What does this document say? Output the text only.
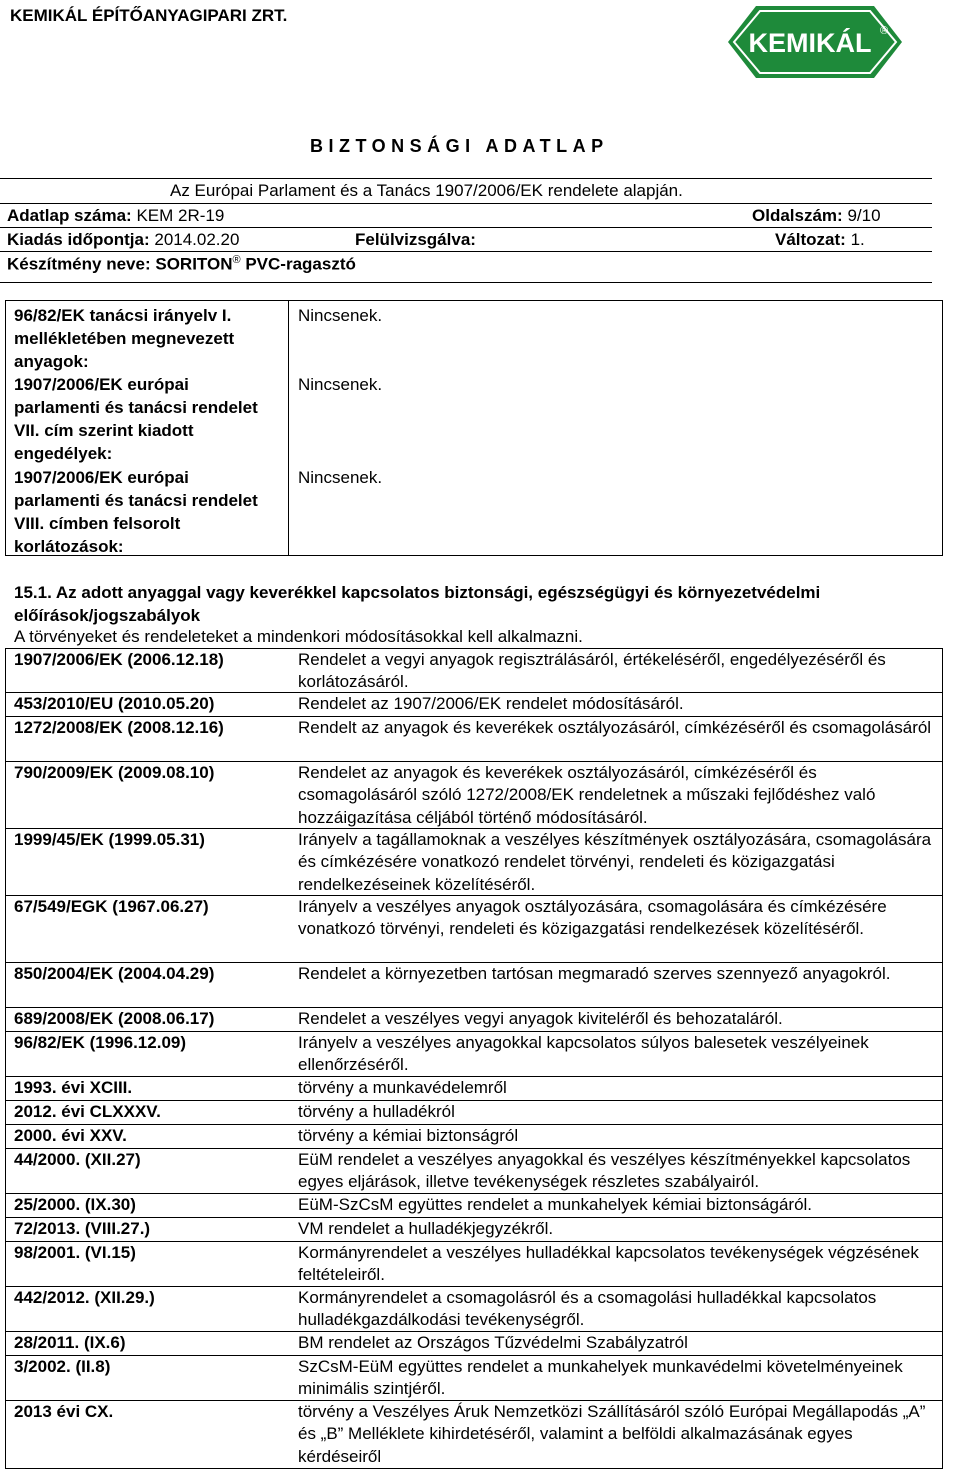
KEMIKÁL ÉPÍTŐANYAGIPARI ZRT.
KEMIKÁL ®
BIZTONSÁGI ADATLAP
Az Európai Parlament és a Tanács 1907/2006/EK rendelete alapján.
Adatlap száma: KEM 2R-19	Oldalszám: 9/10
Kiadás időpontja: 2014.02.20	Felülvizsgálva:	Változat: 1.
Készítmény neve: SORITON® PVC-ragasztó
96/82/EK tanácsi irányelv I. mellékletében megnevezett anyagok:
Nincsenek.
1907/2006/EK európai parlamenti és tanácsi rendelet VII. cím szerint kiadott engedélyek:
Nincsenek.
1907/2006/EK európai parlamenti és tanácsi rendelet VIII. címben felsorolt korlátozások:
Nincsenek.
15.1. Az adott anyaggal vagy keverékkel kapcsolatos biztonsági, egészségügyi és környezetvédelmi előírások/jogszabályok
A törvényeket és rendeleteket a mindenkori módosításokkal kell alkalmazni.
1907/2006/EK (2006.12.18)	Rendelet a vegyi anyagok regisztrálásáról, értékeléséről, engedélyezéséről és korlátozásáról.
453/2010/EU (2010.05.20)	Rendelet az 1907/2006/EK rendelet módosításáról.
1272/2008/EK (2008.12.16)	Rendelt az anyagok és keverékek osztályozásáról, címkézéséről és csomagolásáról
790/2009/EK (2009.08.10)	Rendelet az anyagok és keverékek osztályozásáról, címkézéséről és csomagolásáról szóló 1272/2008/EK rendeletnek a műszaki fejlődéshez való hozzáigazítása céljából történő módosításáról.
1999/45/EK (1999.05.31)	Irányelv a tagállamoknak a veszélyes készítmények osztályozására, csomagolására és címkézésére vonatkozó rendelet törvényi, rendeleti és közigazgatási rendelkezéseinek közelítéséről.
67/549/EGK (1967.06.27)	Irányelv a veszélyes anyagok osztályozására, csomagolására és címkézésére vonatkozó törvényi, rendeleti és közigazgatási rendelkezések közelítéséről.
850/2004/EK (2004.04.29)	Rendelet a környezetben tartósan megmaradó szerves szennyező anyagokról.
689/2008/EK (2008.06.17)	Rendelet a veszélyes vegyi anyagok kiviteléről és behozataláról.
96/82/EK (1996.12.09)	Irányelv a veszélyes anyagokkal kapcsolatos súlyos balesetek veszélyeinek ellenőrzéséről.
1993. évi XCIII.	törvény a munkavédelemről
2012. évi CLXXXV.	törvény a hulladékról
2000. évi XXV.	törvény a kémiai biztonságról
44/2000. (XII.27)	EüM rendelet a veszélyes anyagokkal és veszélyes készítményekkel kapcsolatos egyes eljárások, illetve tevékenységek részletes szabályairól.
25/2000. (IX.30)	EüM-SzCsM együttes rendelet a munkahelyek kémiai biztonságáról.
72/2013. (VIII.27.)	VM rendelet a hulladékjegyzékről.
98/2001. (VI.15)	Kormányrendelet a veszélyes hulladékkal kapcsolatos tevékenységek végzésének feltételeiről.
442/2012. (XII.29.)	Kormányrendelet a csomagolásról és a csomagolási hulladékkal kapcsolatos hulladékgazdálkodási tevékenységről.
28/2011. (IX.6)	BM rendelet az Országos Tűzvédelmi Szabályzatról
3/2002. (II.8)	SzCsM-EüM együttes rendelet a munkahelyek munkavédelmi követelményeinek minimális szintjéről.
2013 évi CX.	törvény a Veszélyes Áruk Nemzetközi Szállításáról szóló Európai Megállapodás „A” és „B” Melléklete kihirdetéséről, valamint a belföldi alkalmazásának egyes kérdéseiről
